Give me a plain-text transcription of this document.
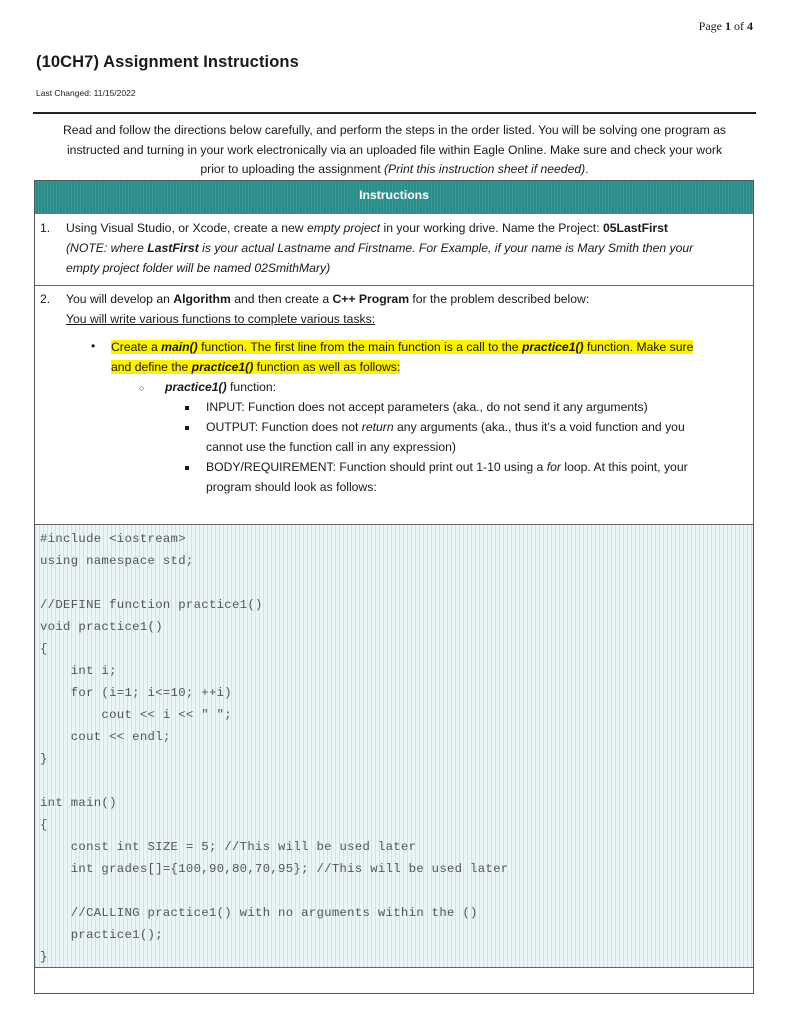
Page 1 of 4
(10CH7) Assignment Instructions
Last Changed: 11/15/2022
Read and follow the directions below carefully, and perform the steps in the order listed. You will be solving one program as
instructed and turning in your work electronically via an uploaded file within Eagle Online. Make sure and check your work
prior to uploading the assignment (Print this instruction sheet if needed).
Instructions
1. Using Visual Studio, or Xcode, create a new empty project in your working drive. Name the Project: 05LastFirst
(NOTE: where LastFirst is your actual Lastname and Firstname. For Example, if your name is Mary Smith then your
empty project folder will be named 02SmithMary)
2. You will develop an Algorithm and then create a C++ Program for the problem described below:
You will write various functions to complete various tasks:
• Create a main() function. The first line from the main function is a call to the practice1() function. Make sure
and define the practice1() function as well as follows:
○ practice1() function:
INPUT: Function does not accept parameters (aka., do not send it any arguments)
OUTPUT: Function does not return any arguments (aka., thus it’s a void function and you
cannot use the function call in any expression)
BODY/REQUIREMENT: Function should print out 1-10 using a for loop. At this point, your
program should look as follows:
#include <iostream>
using namespace std;
//DEFINE function practice1()
void practice1()
{
int i;
for (i=1; i<=10; ++i)
cout << i << " ";
cout << endl;
}
int main()
{
const int SIZE = 5; //This will be used later
int grades[]={100,90,80,70,95}; //This will be used later
//CALLING practice1() with no arguments within the ()
practice1();
}
